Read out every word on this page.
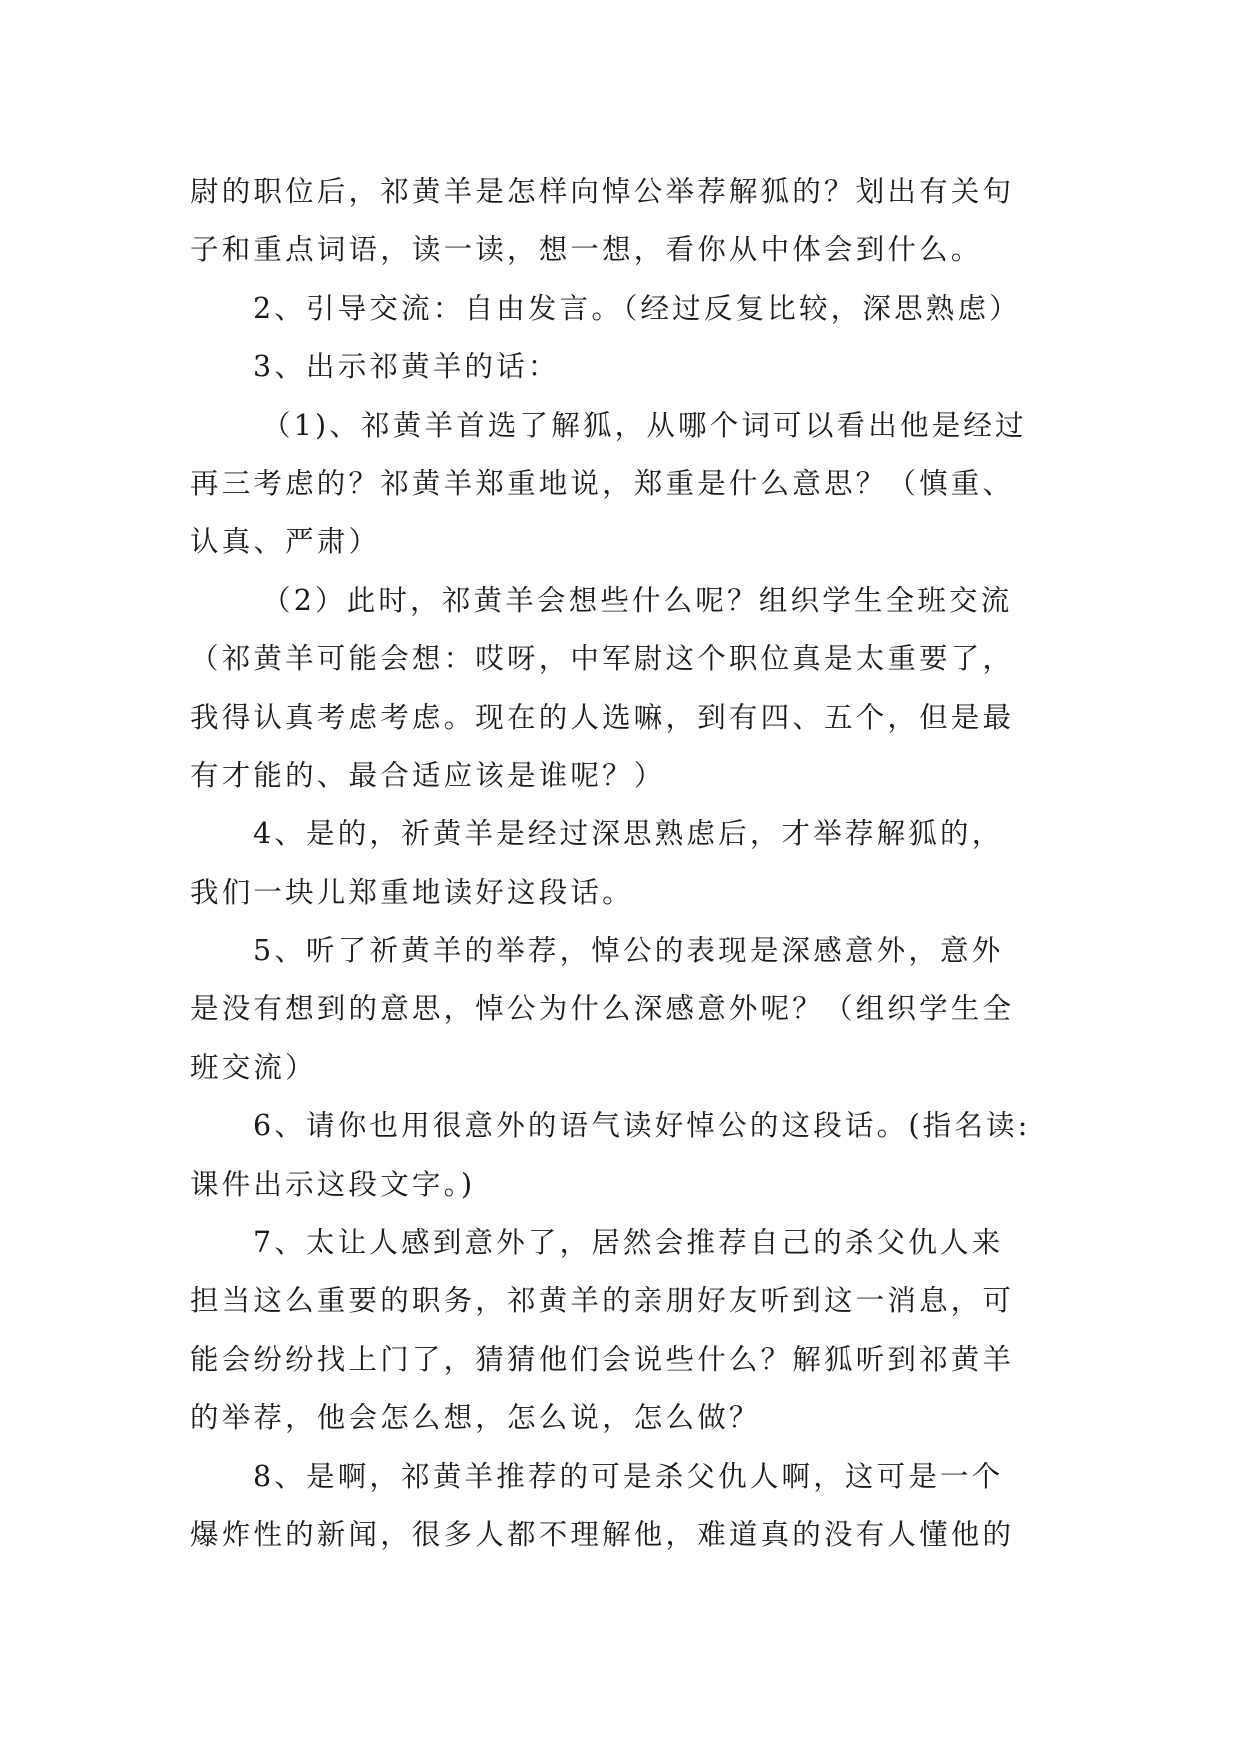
尉的职位后，祁黄羊是怎样向悼公举荐解狐的？划出有关句
子和重点词语，读一读，想一想，看你从中体会到什么。
2、引导交流：自由发言。（经过反复比较，深思熟虑）
3、出示祁黄羊的话：
（1)、祁黄羊首选了解狐，从哪个词可以看出他是经过
再三考虑的？祁黄羊郑重地说，郑重是什么意思？（慎重、
认真、严肃）
（2）此时，祁黄羊会想些什么呢？组织学生全班交流
（祁黄羊可能会想：哎呀，中军尉这个职位真是太重要了，
我得认真考虑考虑。现在的人选嘛，到有四、五个，但是最
有才能的、最合适应该是谁呢？）
4、是的，祈黄羊是经过深思熟虑后，才举荐解狐的，
我们一块儿郑重地读好这段话。
5、听了祈黄羊的举荐，悼公的表现是深感意外，意外
是没有想到的意思，悼公为什么深感意外呢？（组织学生全
班交流）
6、请你也用很意外的语气读好悼公的这段话。(指名读:
课件出示这段文字。)
7、太让人感到意外了，居然会推荐自己的杀父仇人来
担当这么重要的职务，祁黄羊的亲朋好友听到这一消息，可
能会纷纷找上门了，猜猜他们会说些什么？解狐听到祁黄羊
的举荐，他会怎么想，怎么说，怎么做？
8、是啊，祁黄羊推荐的可是杀父仇人啊，这可是一个
爆炸性的新闻，很多人都不理解他，难道真的没有人懂他的
